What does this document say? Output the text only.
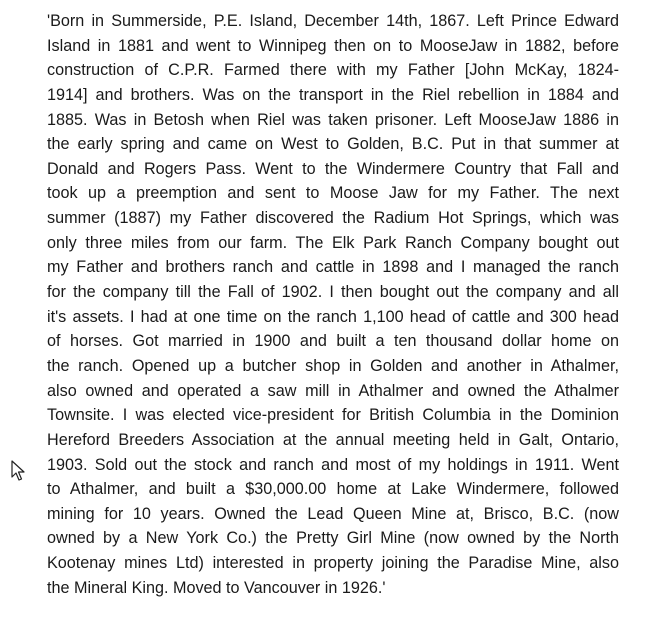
'Born in Summerside, P.E. Island, December 14th, 1867. Left Prince Edward
Island in 1881 and went to Winnipeg then on to MooseJaw in 1882, before
construction of C.P.R. Farmed there with my Father [John McKay, 1824-
1914] and brothers. Was on the transport in the Riel rebellion in 1884 and
1885. Was in Betosh when Riel was taken prisoner. Left MooseJaw 1886 in
the early spring and came on West to Golden, B.C. Put in that summer at
Donald and Rogers Pass. Went to the Windermere Country that Fall and
took up a preemption and sent to Moose Jaw for my Father. The next
summer (1887) my Father discovered the Radium Hot Springs, which was
only three miles from our farm. The Elk Park Ranch Company bought out
my Father and brothers ranch and cattle in 1898 and I managed the ranch
for the company till the Fall of 1902. I then bought out the company and all
it's assets. I had at one time on the ranch 1,100 head of cattle and 300 head
of horses. Got married in 1900 and built a ten thousand dollar home on
the ranch. Opened up a butcher shop in Golden and another in Athalmer,
also owned and operated a saw mill in Athalmer and owned the Athalmer
Townsite. I was elected vice-president for British Columbia in the Dominion
Hereford Breeders Association at the annual meeting held in Galt, Ontario,
1903. Sold out the stock and ranch and most of my holdings in 1911. Went
to Athalmer, and built a $30,000.00 home at Lake Windermere, followed
mining for 10 years. Owned the Lead Queen Mine at, Brisco, B.C. (now
owned by a New York Co.) the Pretty Girl Mine (now owned by the North
Kootenay mines Ltd) interested in property joining the Paradise Mine, also
the Mineral King. Moved to Vancouver in 1926.'
